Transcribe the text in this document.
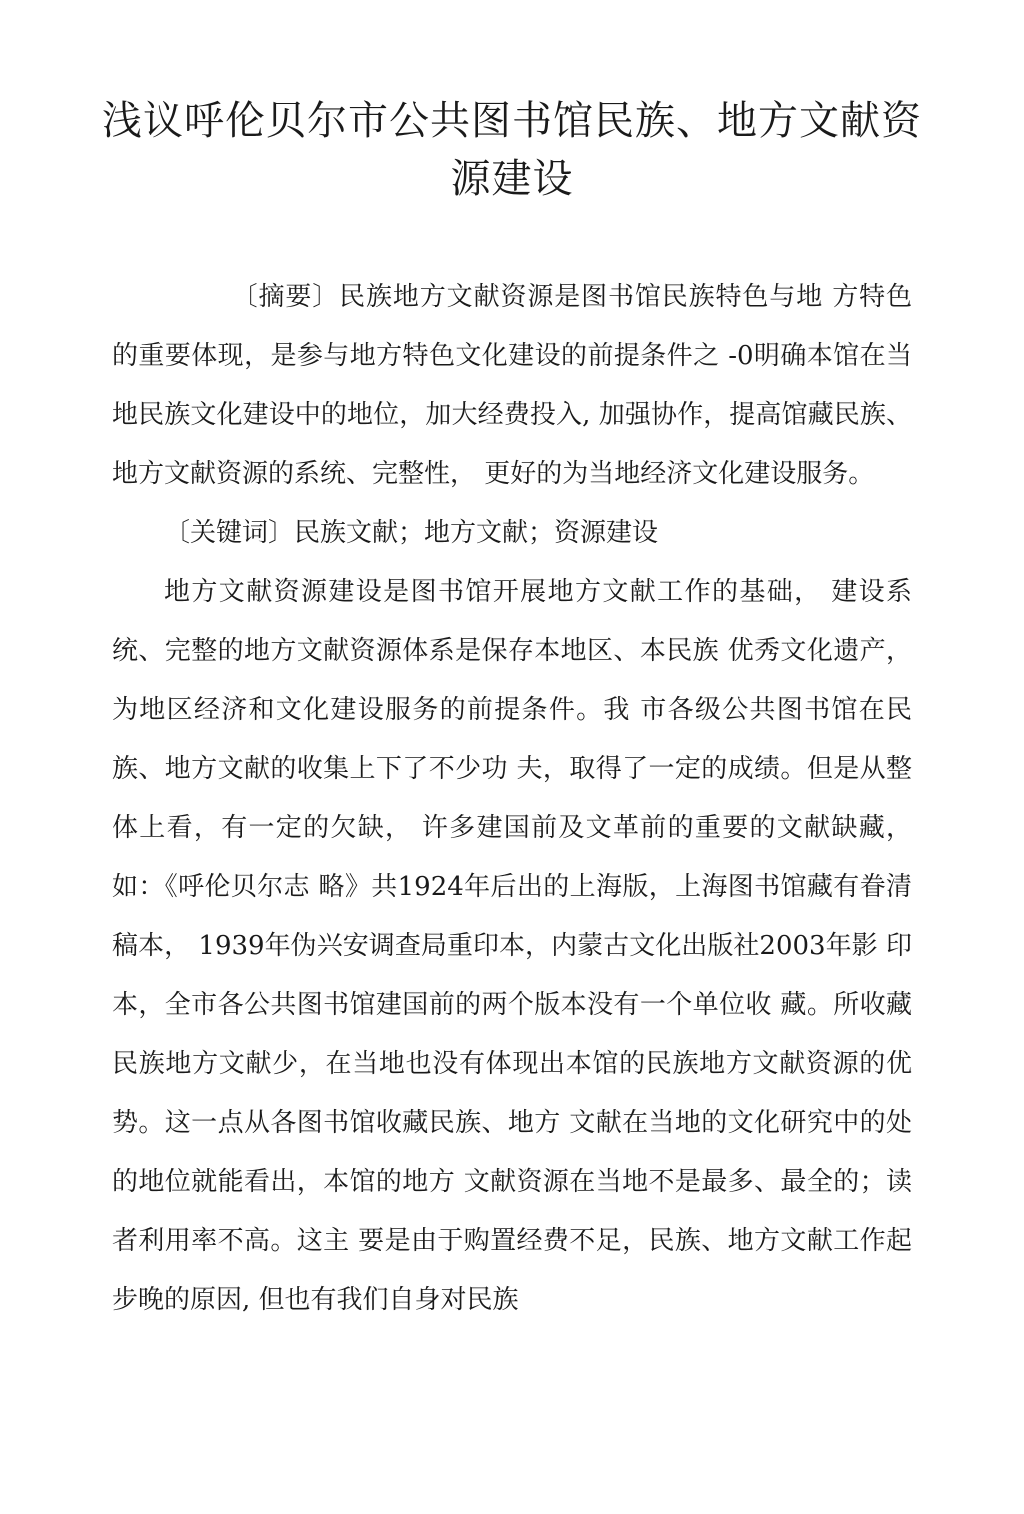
浅议呼伦贝尔市公共图书馆民族、地方文献资源建设

〔摘要〕民族地方文献资源是图书馆民族特色与地 方特色的重要体现，是参与地方特色文化建设的前提条件之 -0明确本馆在当地民族文化建设中的地位，加大经费投入, 加强协作，提高馆藏民族、地方文献资源的系统、完整性， 更好的为当地经济文化建设服务。

〔关键词〕民族文献；地方文献；资源建设

地方文献资源建设是图书馆开展地方文献工作的基础， 建设系统、完整的地方文献资源体系是保存本地区、本民族 优秀文化遗产，为地区经济和文化建设服务的前提条件。我 市各级公共图书馆在民族、地方文献的收集上下了不少功 夫，取得了一定的成绩。但是从整体上看，有一定的欠缺， 许多建国前及文革前的重要的文献缺藏，如：《呼伦贝尔志 略》共1924年后出的上海版，上海图书馆藏有眷清稿本， 1939年伪兴安调查局重印本，内蒙古文化出版社2003年影 印本，全市各公共图书馆建国前的两个版本没有一个单位收 藏。所收藏民族地方文献少，在当地也没有体现出本馆的民族地方文献资源的优势。这一点从各图书馆收藏民族、地方 文献在当地的文化研究中的处的地位就能看出，本馆的地方 文献资源在当地不是最多、最全的；读者利用率不高。这主 要是由于购置经费不足，民族、地方文献工作起步晚的原因, 但也有我们自身对民族
